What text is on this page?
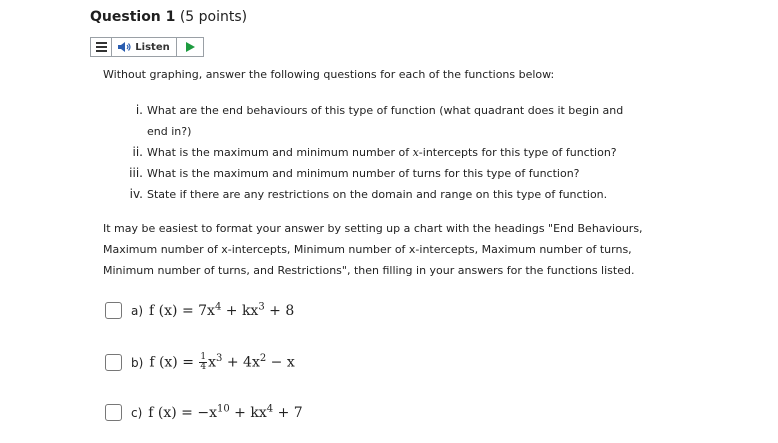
Question 1 (5 points)
Listen
Without graphing, answer the following questions for each of the functions below:
i. What are the end behaviours of this type of function (what quadrant does it begin and end in?)
ii. What is the maximum and minimum number of x-intercepts for this type of function?
iii. What is the maximum and minimum number of turns for this type of function?
iv. State if there are any restrictions on the domain and range on this type of function.
It may be easiest to format your answer by setting up a chart with the headings "End Behaviours, Maximum number of x-intercepts, Minimum number of x-intercepts, Maximum number of turns, Minimum number of turns, and Restrictions", then filling in your answers for the functions listed.
a) f $(x) = 7x^4 + kx^3 + 8$
b) f $(x) = \frac{1}{4} x^3 + 4x^2 - x$
c) f $(x) = -x^{10} + kx^4 + 7$
